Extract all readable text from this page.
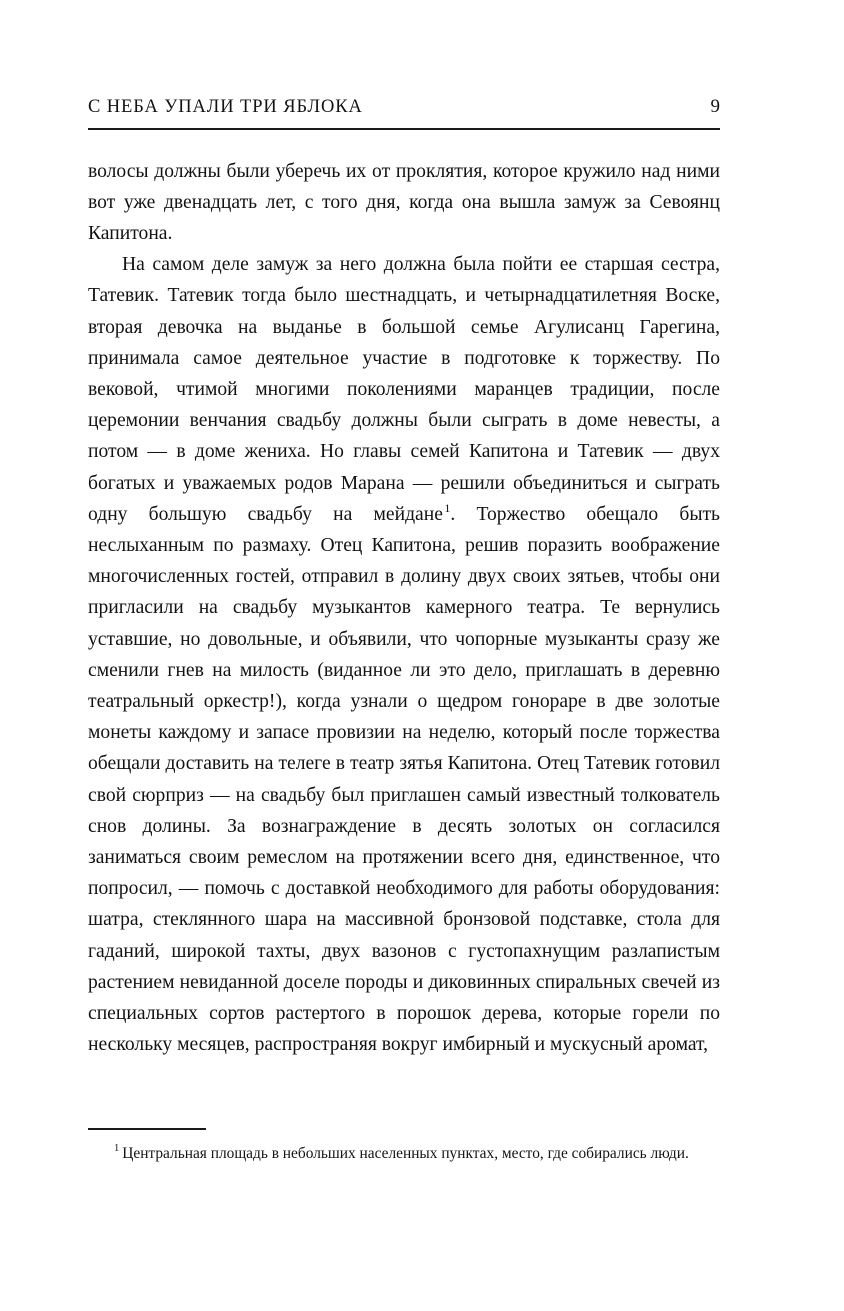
С НЕБА УПАЛИ ТРИ ЯБЛОКА	9

волосы должны были уберечь их от проклятия, которое кружило над ними вот уже двенадцать лет, с того дня, когда она вышла замуж за Севоянц Капитона.

На самом деле замуж за него должна была пойти ее старшая сестра, Татевик. Татевик тогда было шестнадцать, и четырнадцатилетняя Воске, вторая девочка на выданье в большой семье Агулисанц Гарегина, принимала самое деятельное участие в подготовке к торжеству. По вековой, чтимой многими поколениями маранцев традиции, после церемонии венчания свадьбу должны были сыграть в доме невесты, а потом — в доме жениха. Но главы семей Капитона и Татевик — двух богатых и уважаемых родов Марана — решили объединиться и сыграть одну большую свадьбу на мейдане $^1$. Торжество обещало быть неслыханным по размаху. Отец Капитона, решив поразить воображение многочисленных гостей, отправил в долину двух своих зятьев, чтобы они пригласили на свадьбу музыкантов камерного театра. Те вернулись уставшие, но довольные, и объявили, что чопорные музыканты сразу же сменили гнев на милость (виданное ли это дело, приглашать в деревню театральный оркестр!), когда узнали о щедром гонораре в две золотые монеты каждому и запасе провизии на неделю, который после торжества обещали доставить на телеге в театр зятья Капитона. Отец Татевик готовил свой сюрприз — на свадьбу был приглашен самый известный толкователь снов долины. За вознаграждение в десять золотых он согласился заниматься своим ремеслом на протяжении всего дня, единственное, что попросил, — помочь с доставкой необходимого для работы оборудования: шатра, стеклянного шара на массивной бронзовой подставке, стола для гаданий, широкой тахты, двух вазонов с густопахнущим разлапистым растением невиданной доселе породы и диковинных спиральных свечей из специальных сортов растертого в порошок дерева, которые горели по нескольку месяцев, распространяя вокруг имбирный и мускусный аромат,

$^1$ Центральная площадь в небольших населенных пунктах, место, где собирались люди.
